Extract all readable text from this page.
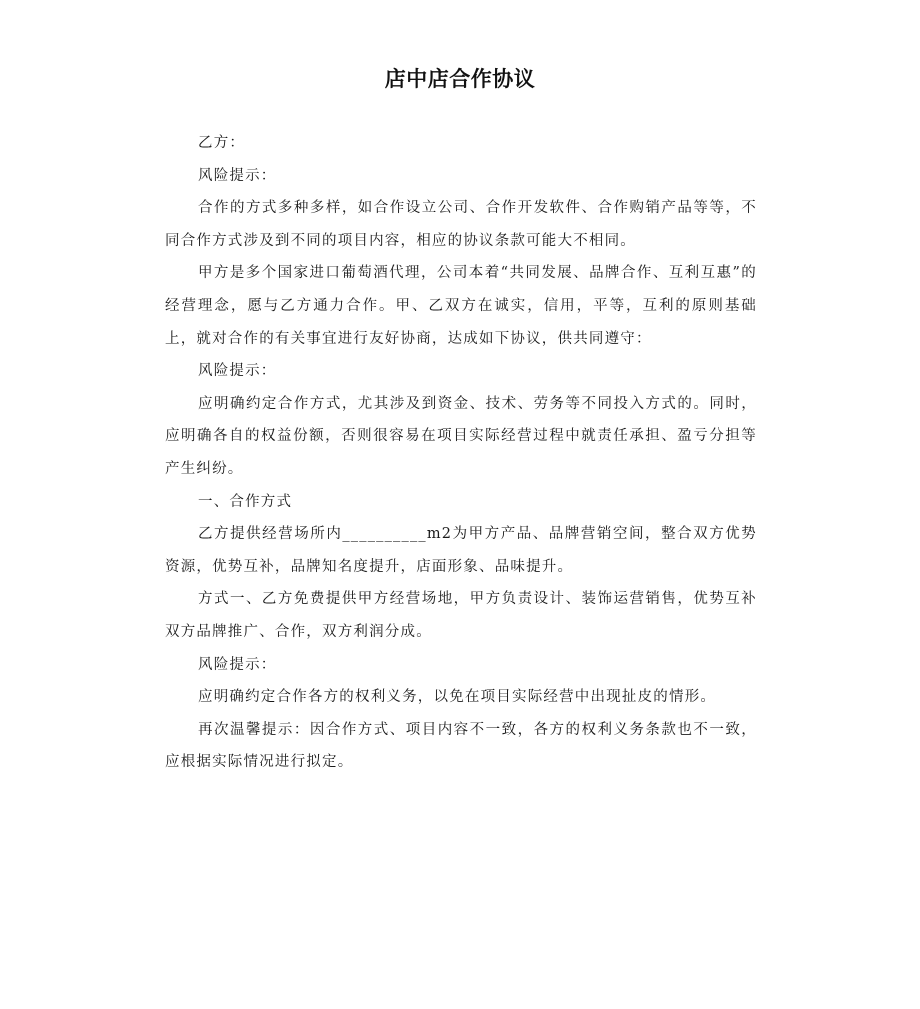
店中店合作协议

乙方：

风险提示：

合作的方式多种多样，如合作设立公司、合作开发软件、合作购销产品等等，不同合作方式涉及到不同的项目内容，相应的协议条款可能大不相同。

甲方是多个国家进口葡萄酒代理，公司本着“共同发展、品牌合作、互利互惠”的经营理念，愿与乙方通力合作。甲、乙双方在诚实，信用，平等，互利的原则基础上，就对合作的有关事宜进行友好协商，达成如下协议，供共同遵守：

风险提示：

应明确约定合作方式，尤其涉及到资金、技术、劳务等不同投入方式的。同时，应明确各自的权益份额，否则很容易在项目实际经营过程中就责任承担、盈亏分担等产生纠纷。

一、合作方式

乙方提供经营场所内__________m2为甲方产品、品牌营销空间，整合双方优势资源，优势互补，品牌知名度提升，店面形象、品味提升。

方式一、乙方免费提供甲方经营场地，甲方负责设计、装饰运营销售，优势互补双方品牌推广、合作，双方利润分成。

风险提示：

应明确约定合作各方的权利义务，以免在项目实际经营中出现扯皮的情形。

再次温馨提示：因合作方式、项目内容不一致，各方的权利义务条款也不一致，应根据实际情况进行拟定。
